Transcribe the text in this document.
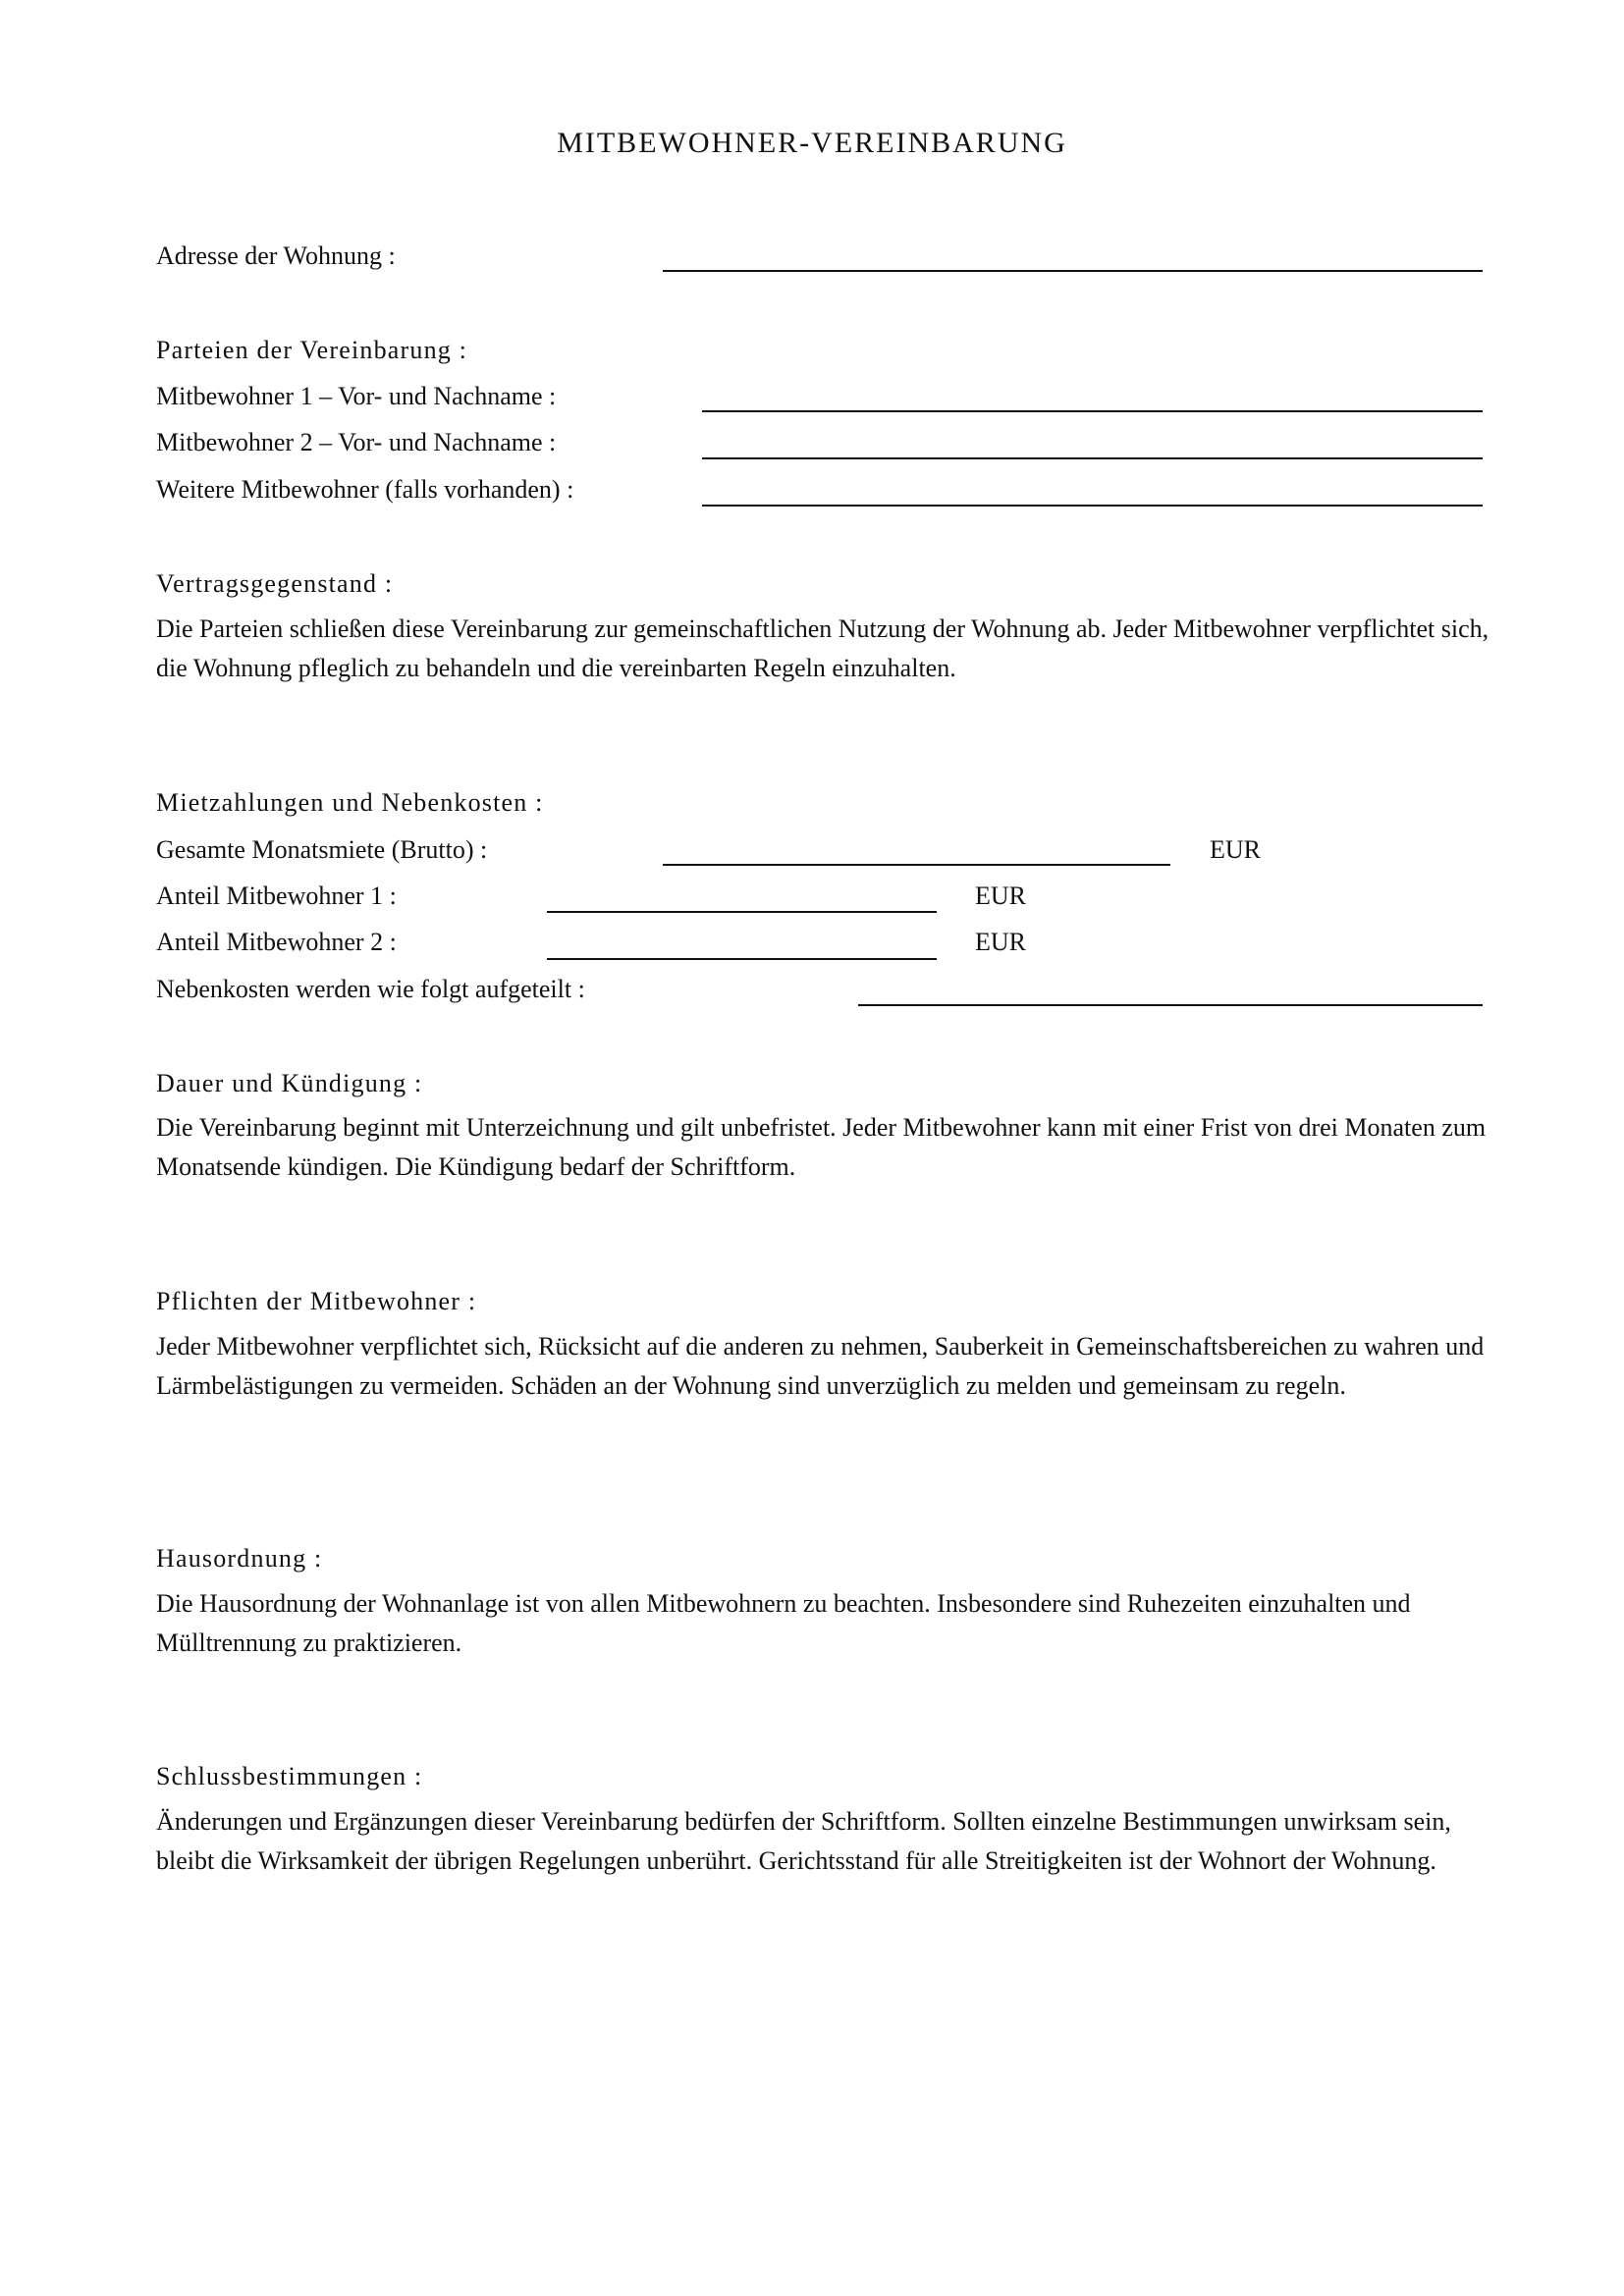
MITBEWOHNER-VEREINBARUNG
Adresse der Wohnung :
Parteien der Vereinbarung :
Mitbewohner 1 – Vor- und Nachname :
Mitbewohner 2 – Vor- und Nachname :
Weitere Mitbewohner (falls vorhanden) :
Vertragsgegenstand :
Die Parteien schließen diese Vereinbarung zur gemeinschaftlichen Nutzung der Wohnung ab. Jeder Mitbewohner verpflichtet sich, die Wohnung pfleglich zu behandeln und die vereinbarten Regeln einzuhalten.
Mietzahlungen und Nebenkosten :
Gesamte Monatsmiete (Brutto) :	EUR
Anteil Mitbewohner 1 :	EUR
Anteil Mitbewohner 2 :	EUR
Nebenkosten werden wie folgt aufgeteilt :
Dauer und Kündigung :
Die Vereinbarung beginnt mit Unterzeichnung und gilt unbefristet. Jeder Mitbewohner kann mit einer Frist von drei Monaten zum Monatsende kündigen. Die Kündigung bedarf der Schriftform.
Pflichten der Mitbewohner :
Jeder Mitbewohner verpflichtet sich, Rücksicht auf die anderen zu nehmen, Sauberkeit in Gemeinschaftsbereichen zu wahren und Lärmbelästigungen zu vermeiden. Schäden an der Wohnung sind unverzüglich zu melden und gemeinsam zu regeln.
Hausordnung :
Die Hausordnung der Wohnanlage ist von allen Mitbewohnern zu beachten. Insbesondere sind Ruhezeiten einzuhalten und Mülltrennung zu praktizieren.
Schlussbestimmungen :
Änderungen und Ergänzungen dieser Vereinbarung bedürfen der Schriftform. Sollten einzelne Bestimmungen unwirksam sein, bleibt die Wirksamkeit der übrigen Regelungen unberührt. Gerichtsstand für alle Streitigkeiten ist der Wohnort der Wohnung.
